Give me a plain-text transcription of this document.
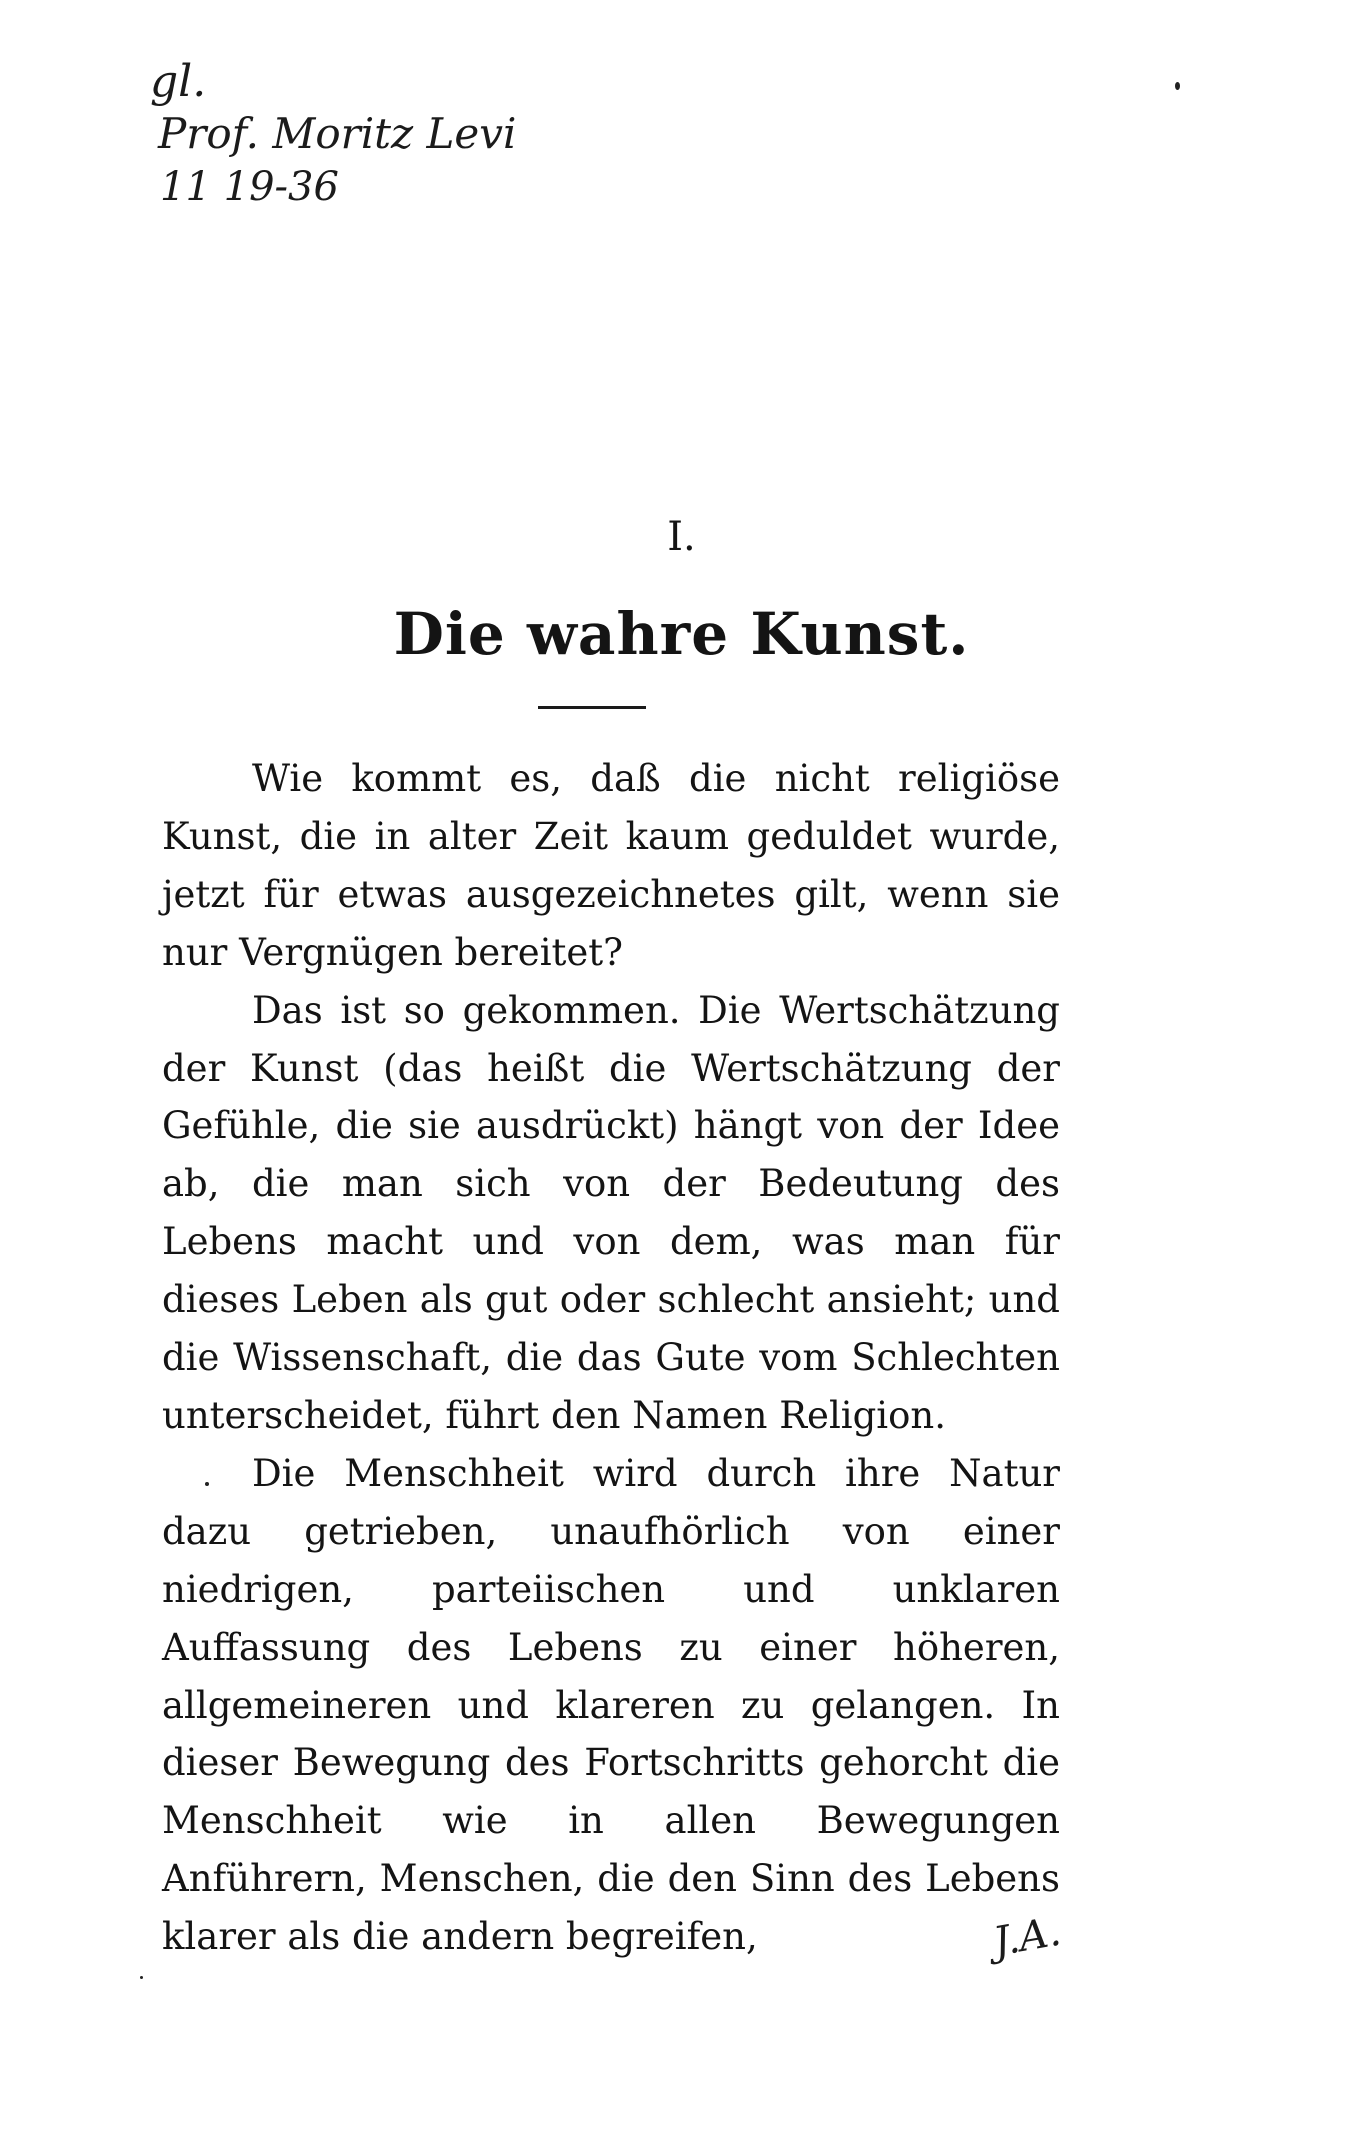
gl.
Prof. Moritz Levi
11 19-36
I.
Die wahre Kunst.

Wie kommt es, daß die nicht religiöse Kunst, die in alter Zeit kaum geduldet wurde, jetzt für etwas ausgezeichnetes gilt, wenn sie nur Vergnügen bereitet?

Das ist so gekommen. Die Wertschätzung der Kunst (das heißt die Wertschätzung der Gefühle, die sie ausdrückt) hängt von der Idee ab, die man sich von der Bedeutung des Lebens macht und von dem, was man für dieses Leben als gut oder schlecht ansieht; und die Wissenschaft, die das Gute vom Schlechten unterscheidet, führt den Namen Religion.

Die Menschheit wird durch ihre Natur dazu getrieben, unaufhörlich von einer niedrigen, parteiischen und unklaren Auffassung des Lebens zu einer höheren, allgemeineren und klareren zu gelangen. In dieser Bewegung des Fortschritts gehorcht die Menschheit wie in allen Bewegungen Anführern, Menschen, die den Sinn des Lebens klarer als die andern begreifen,	J.A.
